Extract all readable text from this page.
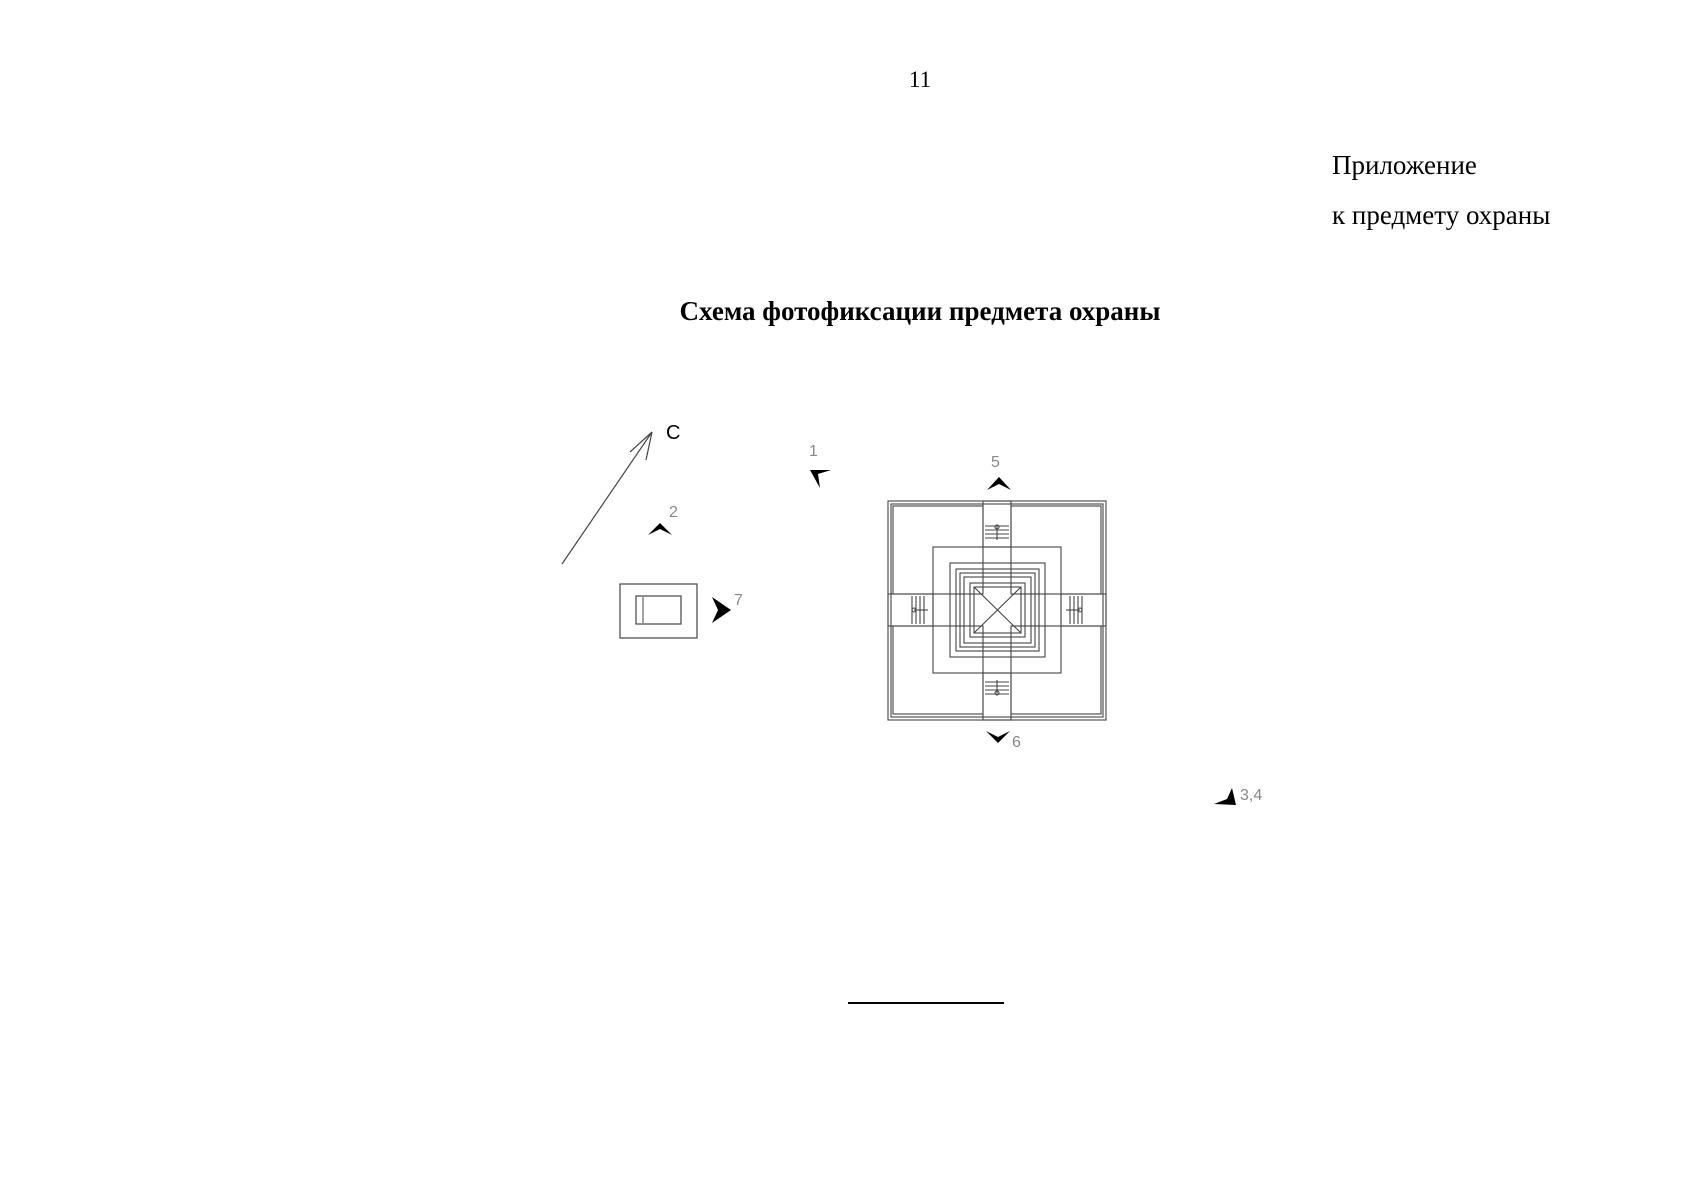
11
Приложение
к предмету охраны
Схема фотофиксации предмета охраны
С
1
2
7
5
6
3,4
